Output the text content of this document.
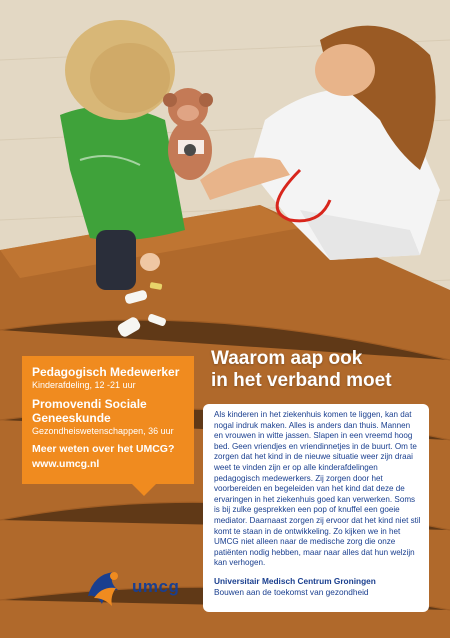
Pedagogisch Medewerker
Kinderafdeling, 12 -21 uur
Promovendi Sociale Geneeskunde
Gezondheiswetenschappen, 36 uur
Meer weten over het UMCG?
www.umcg.nl
Waarom aap ook
in het verband moet

Als kinderen in het ziekenhuis komen te liggen, kan dat nogal indruk maken. Alles is anders dan thuis. Mannen en vrouwen in witte jassen. Slapen in een vreemd hoog bed. Geen vriendjes en vriendinnetjes in de buurt. Om te zorgen dat het kind in de nieuwe situatie weer zijn draai weet te vinden zijn er op alle kinderafdelingen pedagogisch medewerkers. Zij zorgen door het voorbereiden en begeleiden van het kind dat deze de ervaringen in het ziekenhuis goed kan verwerken. Soms is bij zulke gesprekken een pop of knuffel een goeie mediator. Daarnaast zorgen zij ervoor dat het kind niet stil komt te staan in de ontwikkeling. Zo kijken we in het UMCG niet alleen naar de medische zorg die onze patiënten nodig hebben, maar naar alles dat hun welzijn kan verhogen.

Universitair Medisch Centrum Groningen
Bouwen aan de toekomst van gezondheid
umcg
